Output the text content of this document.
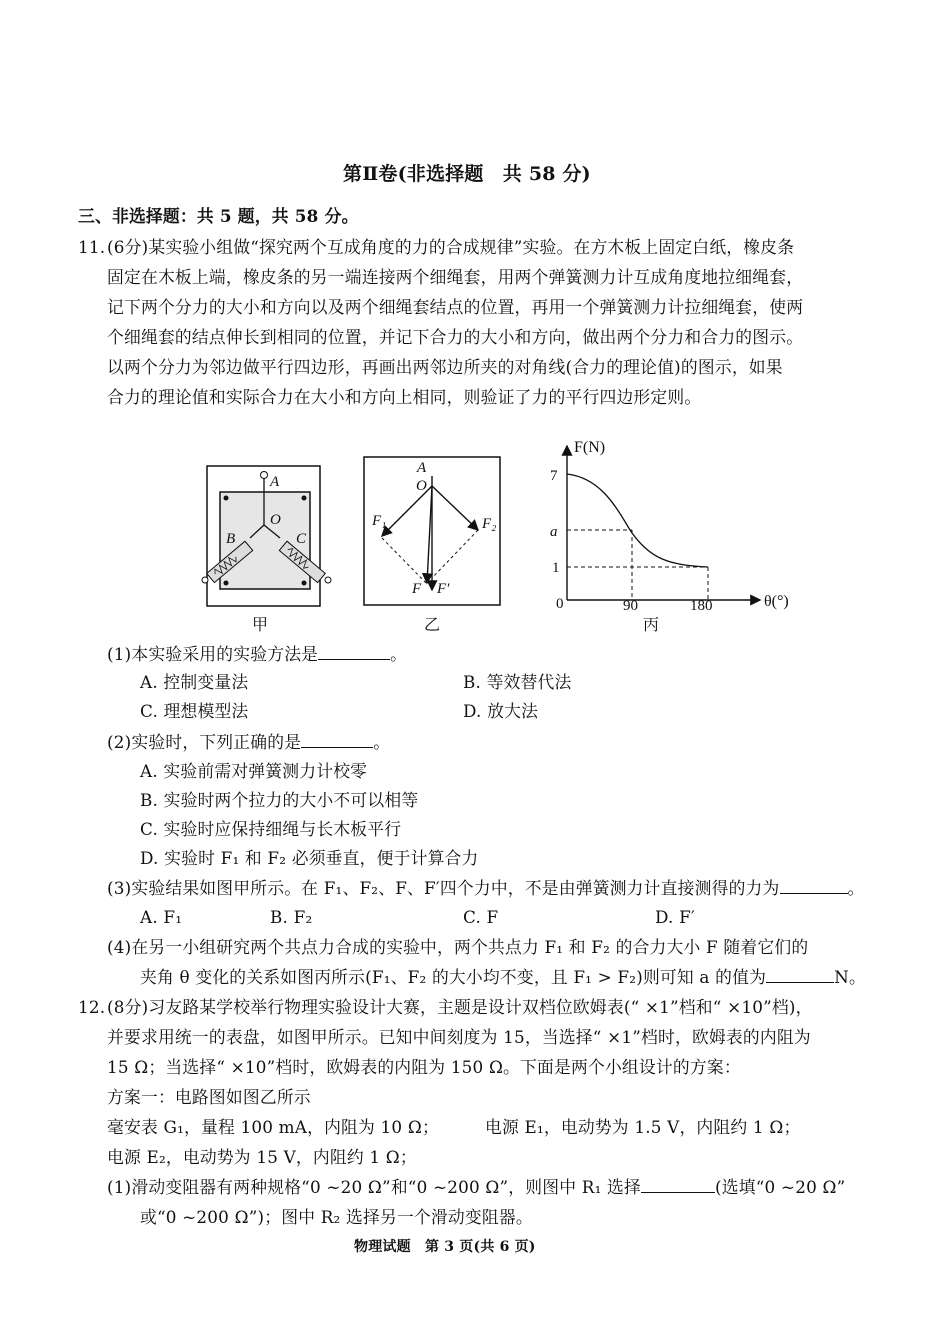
第Ⅱ卷(非选择题　共 58 分)
三、非选择题：共 5 题，共 58 分。
11. (6分)某实验小组做“探究两个互成角度的力的合成规律”实验。在方木板上固定白纸，橡皮条
固定在木板上端，橡皮条的另一端连接两个细绳套，用两个弹簧测力计互成角度地拉细绳套，
记下两个分力的大小和方向以及两个细绳套结点的位置，再用一个弹簧测力计拉细绳套，使两
个细绳套的结点伸长到相同的位置，并记下合力的大小和方向，做出两个分力和合力的图示。
以两个分力为邻边做平行四边形，再画出两邻边所夹的对角线(合力的理论值)的图示，如果
合力的理论值和实际合力在大小和方向上相同，则验证了力的平行四边形定则。
A
O
B	C
甲
A
O
F₁	F₂
F F′
乙
F(N)
7
a
1
0	90	180	θ(°)
丙
(1)本实验采用的实验方法是	。
A. 控制变量法	B. 等效替代法
C. 理想模型法	D. 放大法
(2)实验时，下列正确的是	。
A. 实验前需对弹簧测力计校零
B. 实验时两个拉力的大小不可以相等
C. 实验时应保持细绳与长木板平行
D. 实验时 F₁ 和 F₂ 必须垂直，便于计算合力
(3)实验结果如图甲所示。在 F₁、F₂、F、F′四个力中，不是由弹簧测力计直接测得的力为	。
A. F₁	B. F₂	C. F	D. F′
(4)在另一小组研究两个共点力合成的实验中，两个共点力 F₁ 和 F₂ 的合力大小 F 随着它们的
夹角 θ 变化的关系如图丙所示(F₁、F₂ 的大小均不变，且 F₁ > F₂)则可知 a 的值为	N。
12. (8分)习友路某学校举行物理实验设计大赛，主题是设计双档位欧姆表(“ ×1”档和“ ×10”档)，
并要求用统一的表盘，如图甲所示。已知中间刻度为 15，当选择“ ×1”档时，欧姆表的内阻为
15 Ω；当选择“ ×10”档时，欧姆表的内阻为 150 Ω。下面是两个小组设计的方案：
方案一：电路图如图乙所示
毫安表 G₁，量程 100 mA，内阻为 10 Ω；	电源 E₁，电动势为 1.5 V，内阻约 1 Ω；
电源 E₂，电动势为 15 V，内阻约 1 Ω；
(1)滑动变阻器有两种规格“0 ~20 Ω”和“0 ~200 Ω”，则图中 R₁ 选择	(选填“0 ~20 Ω”
或“0 ~200 Ω”)；图中 R₂ 选择另一个滑动变阻器。
物理试题　第 3 页(共 6 页)
